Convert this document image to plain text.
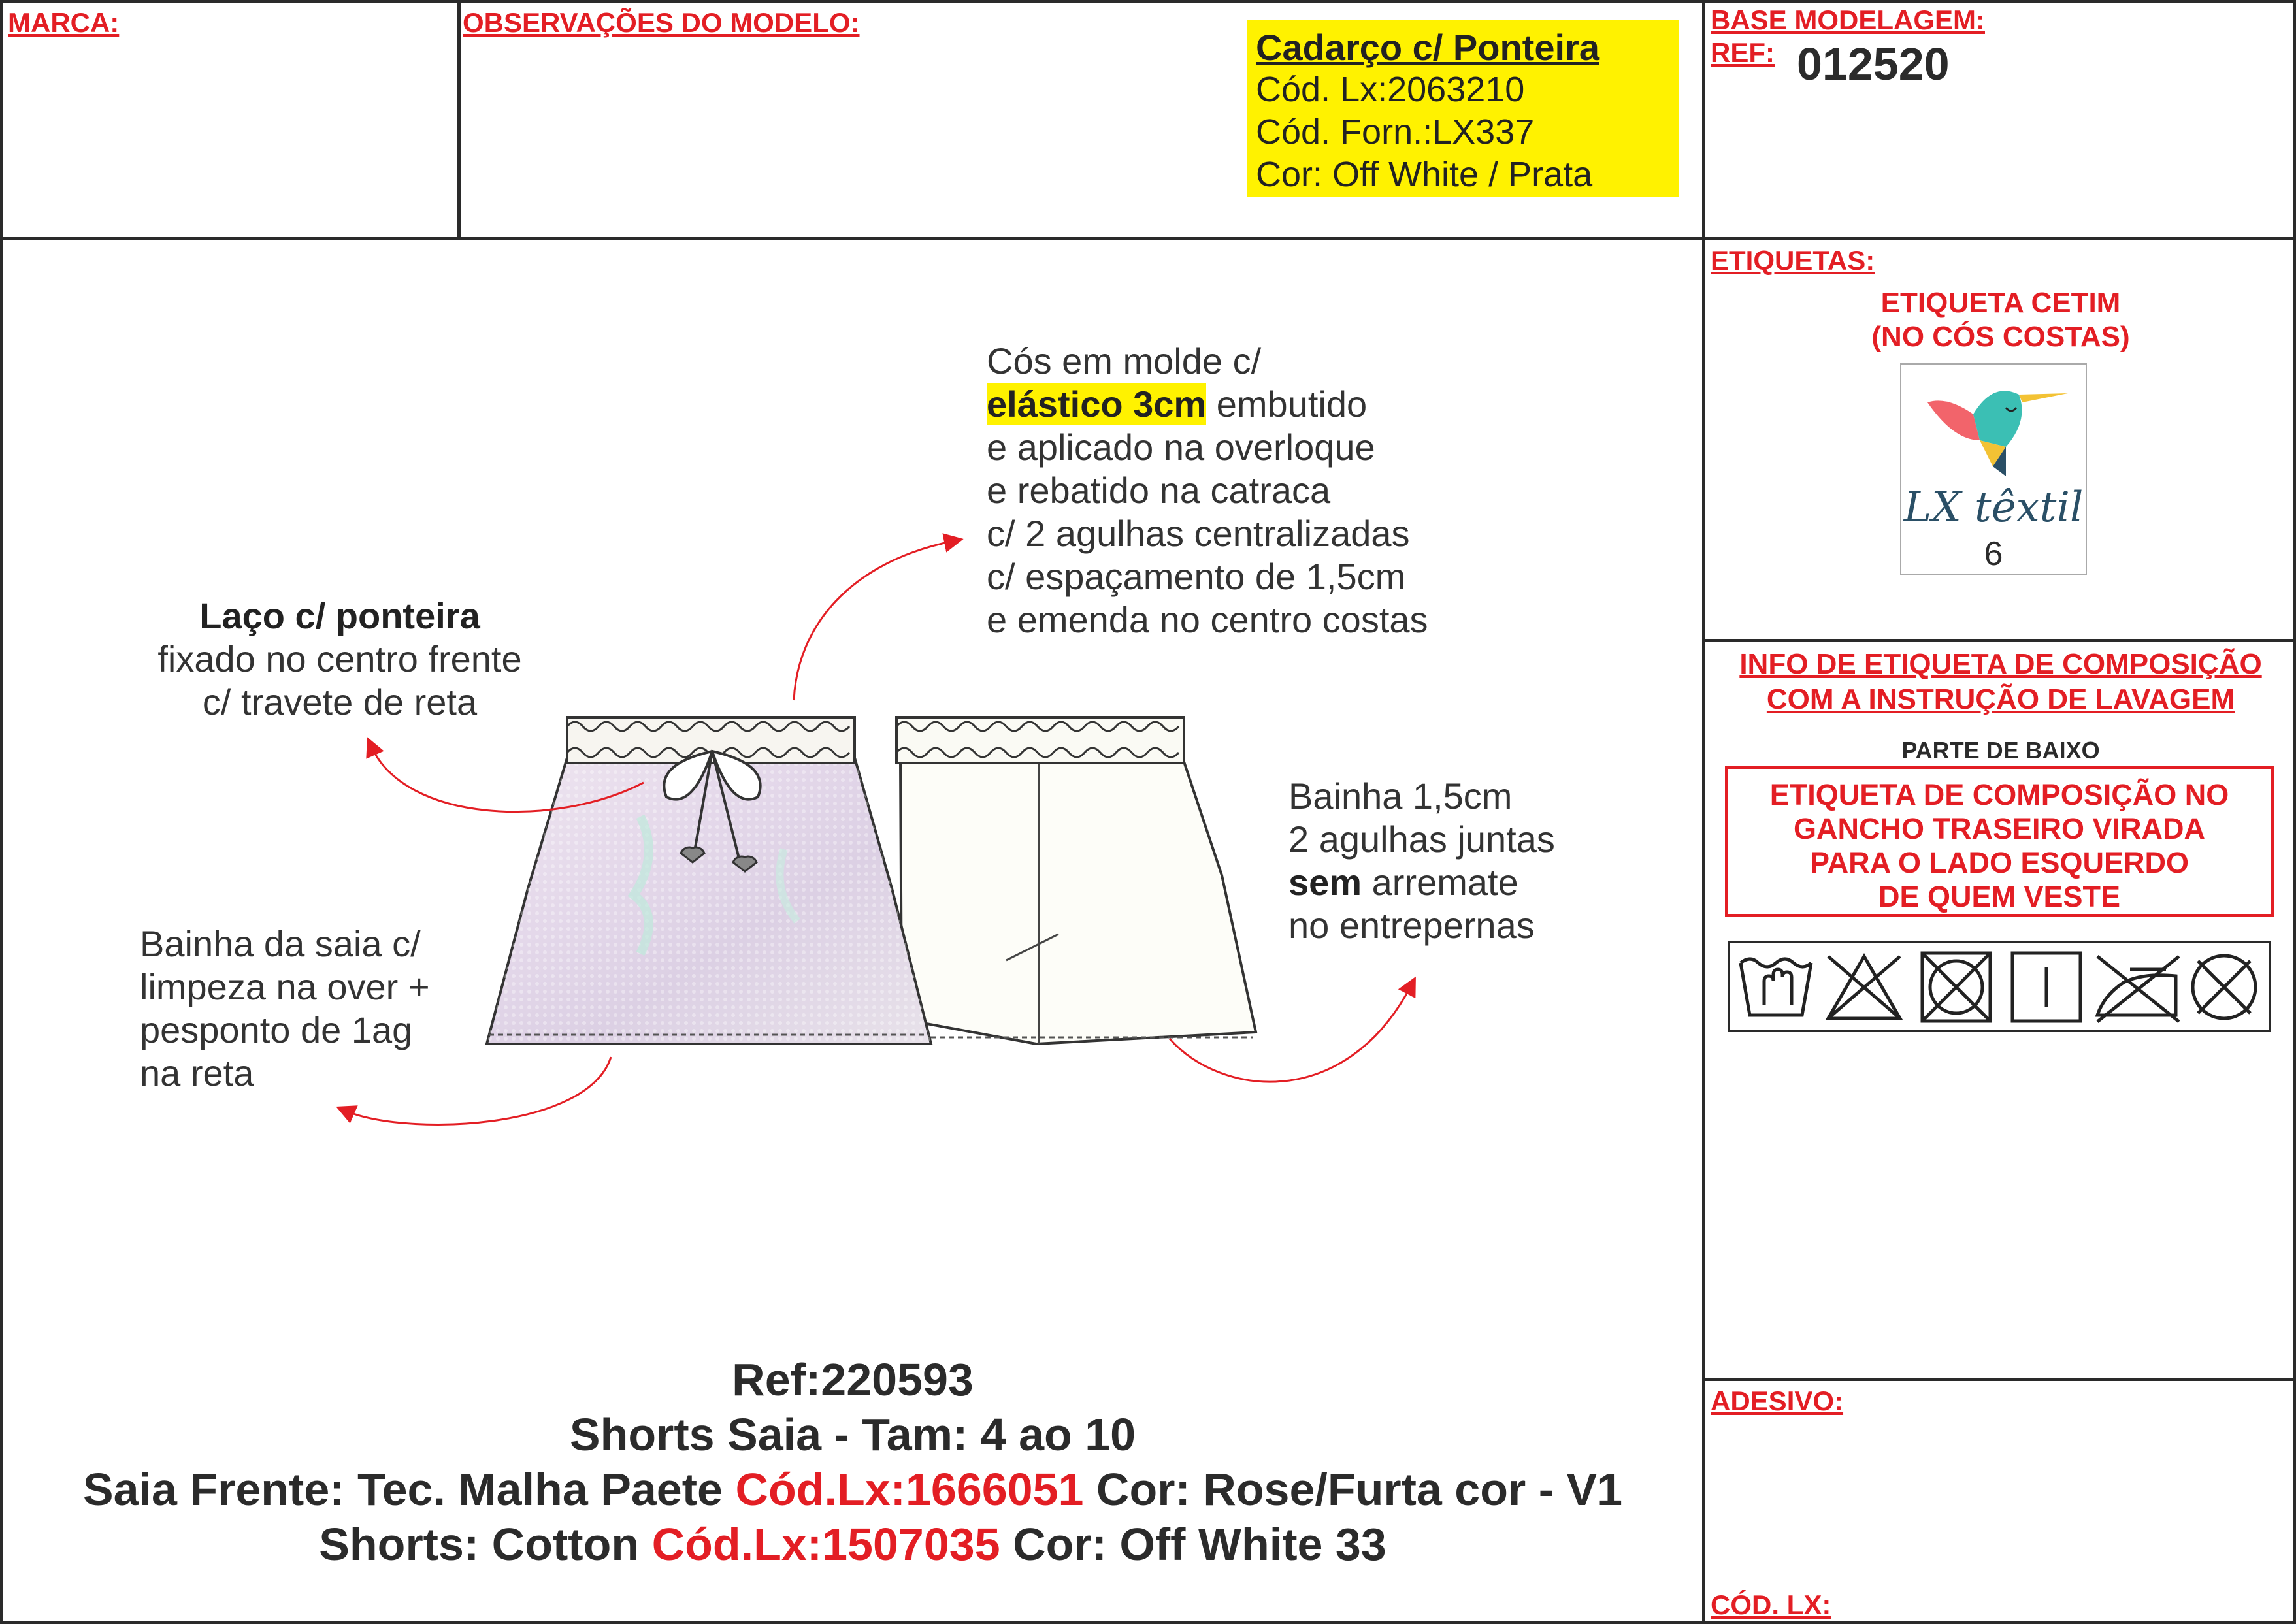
MARCA:	OBSERVAÇÕES DO MODELO:	BASE MODELAGEM:
REF: 012520
Cadarço c/ Ponteira
Cód. Lx:2063210
Cód. Forn.:LX337
Cor: Off White / Prata
Cós em molde c/
elástico 3cm embutido
e aplicado na overloque
e rebatido na catraca
c/ 2 agulhas centralizadas
c/ espaçamento de 1,5cm
e emenda no centro costas
Laço c/ ponteira
fixado no centro frente
c/ travete de reta
Bainha 1,5cm
2 agulhas juntas
sem arremate
no entrepernas
Bainha da saia c/
limpeza na over +
pesponto de 1ag
na reta
Ref:220593
Shorts Saia - Tam: 4 ao 10
Saia Frente: Tec. Malha Paete Cód.Lx:1666051 Cor: Rose/Furta cor - V1
Shorts: Cotton Cód.Lx:1507035 Cor: Off White 33
ETIQUETAS:
ETIQUETA CETIM
(NO CÓS COSTAS)
LX têxtil
6
INFO DE ETIQUETA DE COMPOSIÇÃO
COM A INSTRUÇÃO DE LAVAGEM
PARTE DE BAIXO
ETIQUETA DE COMPOSIÇÃO NO
GANCHO TRASEIRO VIRADA
PARA O LADO ESQUERDO
DE QUEM VESTE
ADESIVO:
CÓD. LX:
